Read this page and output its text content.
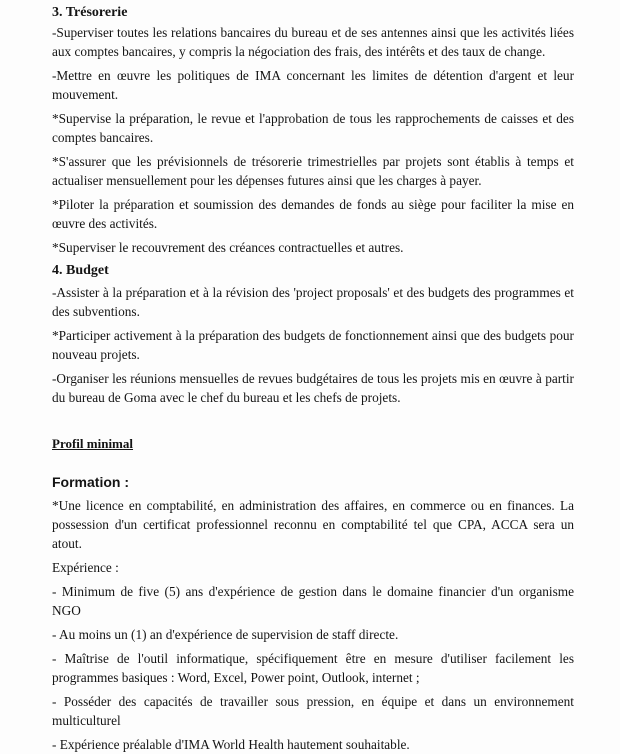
3. Trésorerie
-Superviser toutes les relations bancaires du bureau et de ses antennes ainsi que les activités liées aux comptes bancaires, y compris la négociation des frais, des intérêts et des taux de change.
-Mettre en œuvre les politiques de IMA concernant les limites de détention d'argent et leur mouvement.
*Supervise la préparation, le revue et l'approbation de tous les rapprochements de caisses et des comptes bancaires.
*S'assurer que les prévisionnels de trésorerie trimestrielles par projets sont établis à temps et actualiser mensuellement pour les dépenses futures ainsi que les charges à payer.
*Piloter la préparation et soumission des demandes de fonds au siège pour faciliter la mise en œuvre des activités.
*Superviser le recouvrement des créances contractuelles et autres.
4. Budget
-Assister à la préparation et à la révision des 'project proposals' et des budgets des programmes et des subventions.
*Participer activement à la préparation des budgets de fonctionnement ainsi que des budgets pour nouveau projets.
-Organiser les réunions mensuelles de revues budgétaires de tous les projets mis en œuvre à partir du bureau de Goma avec le chef du bureau et les chefs de projets.
Profil minimal
Formation :
*Une licence en comptabilité, en administration des affaires, en commerce ou en finances. La possession d'un certificat professionnel reconnu en comptabilité tel que CPA, ACCA sera un atout.
Expérience :
- Minimum de five (5) ans d'expérience de gestion dans le domaine financier d'un organisme NGO
- Au moins un (1) an d'expérience de supervision de staff directe.
- Maîtrise de l'outil informatique, spécifiquement être en mesure d'utiliser facilement les programmes basiques : Word, Excel, Power point, Outlook, internet ;
- Posséder des capacités de travailler sous pression, en équipe et dans un environnement multiculturel
- Expérience préalable d'IMA World Health hautement souhaitable.
